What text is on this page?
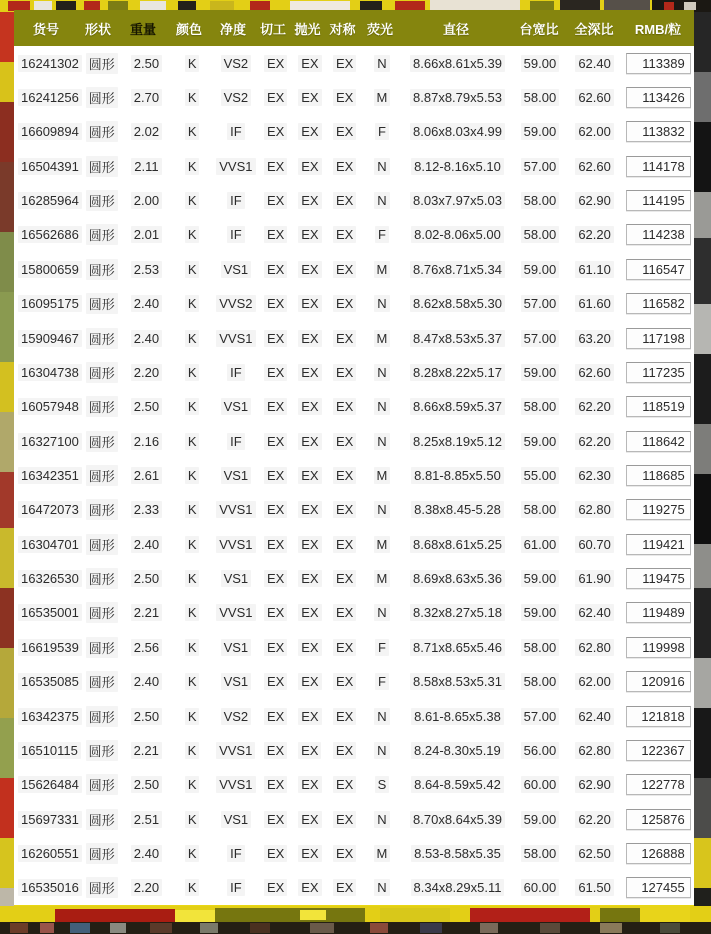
货号	形状	重量	颜色	净度	切工 抛光 对称 荧光	直径	台宽比	全深比	RMB/粒
16241302 圆形 2.50 K VS2 EX EX EX N 8.66x8.61x5.39 59.00 62.40	113389
16241256 圆形 2.70 K VS2 EX EX EX M 8.87x8.79x5.53 58.00 62.60	113426
16609894 圆形 2.02 K	IF EX EX EX F 8.06x8.03x4.99 59.00 62.00	113832
16504391 圆形 2.11 K VVS1 EX EX EX N 8.12-8.16x5.10 57.00 62.60	114178
16285964 圆形 2.00 K	IF EX EX EX N 8.03x7.97x5.03 58.00 62.90	114195
16562686 圆形 2.01 K	IF EX EX EX F 8.02-8.06x5.00 58.00 62.20	114238
15800659 圆形 2.53 K VS1 EX EX EX M 8.76x8.71x5.34 59.00 61.10	116547
16095175 圆形 2.40 K VVS2 EX EX EX N 8.62x8.58x5.30 57.00 61.60	116582
15909467 圆形 2.40 K VVS1 EX EX EX M 8.47x8.53x5.37 57.00 63.20	117198
16304738 圆形 2.20 K	IF EX EX EX N 8.28x8.22x5.17 59.00 62.60	117235
16057948 圆形 2.50 K VS1 EX EX EX N 8.66x8.59x5.37 58.00 62.20	118519
16327100 圆形 2.16 K	IF EX EX EX N 8.25x8.19x5.12 59.00 62.20	118642
16342351 圆形 2.61 K VS1 EX EX EX M 8.81-8.85x5.50 55.00 62.30	118685
16472073 圆形 2.33 K VVS1 EX EX EX N 8.38x8.45-5.28 58.00 62.80	119275
16304701 圆形 2.40 K VVS1 EX EX EX M 8.68x8.61x5.25 61.00 60.70	119421
16326530 圆形 2.50 K VS1 EX EX EX M 8.69x8.63x5.36 59.00 61.90	119475
16535001 圆形 2.21 K VVS1 EX EX EX N 8.32x8.27x5.18 59.00 62.40	119489
16619539 圆形 2.56 K VS1 EX EX EX F 8.71x8.65x5.46 58.00 62.80	119998
16535085 圆形 2.40 K VS1 EX EX EX F 8.58x8.53x5.31 58.00 62.00	120916
16342375 圆形 2.50 K VS2 EX EX EX N 8.61-8.65x5.38 57.00 62.40	121818
16510115 圆形 2.21 K VVS1 EX EX EX N 8.24-8.30x5.19 56.00 62.80	122367
15626484 圆形 2.50 K VVS1 EX EX EX S 8.64-8.59x5.42 60.00 62.90	122778
15697331 圆形 2.51 K VS1 EX EX EX N 8.70x8.64x5.39 59.00 62.20	125876
16260551 圆形 2.40 K	IF EX EX EX M 8.53-8.58x5.35 58.00 62.50	126888
16535016 圆形 2.20 K	IF EX EX EX N 8.34x8.29x5.11 60.00 61.50	127455
